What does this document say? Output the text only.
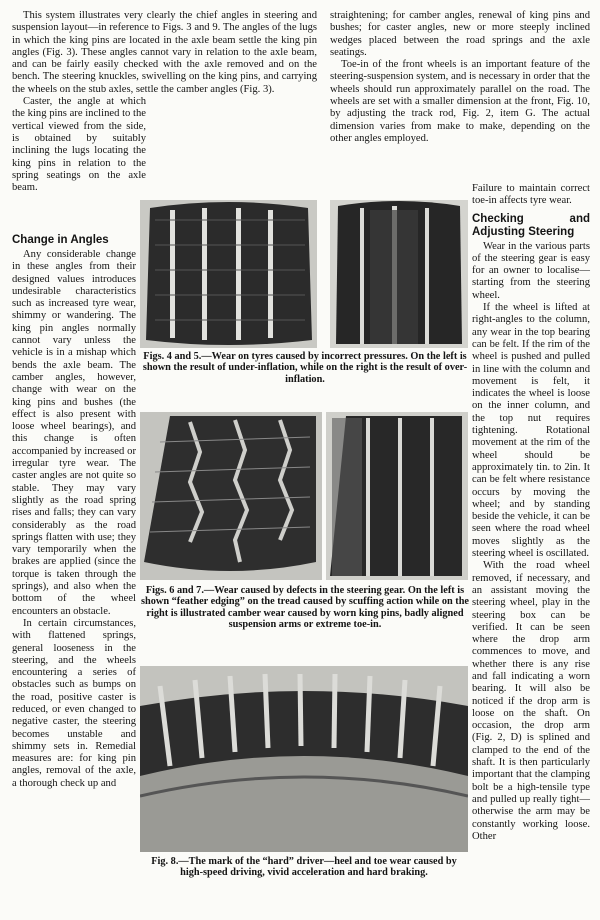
This system illustrates very clearly the chief angles in steering and suspension layout—in reference to Figs. 3 and 9. The angles of the lugs in which the king pins are located in the axle beam settle the king pin angles (Fig. 3). These angles cannot vary in relation to the axle beam, and can be fairly easily checked with the axle removed and on the bench. The steering knuckles, swivelling on the king pins, and carrying the wheels on the stub axles, settle the camber angles (Fig. 3).

Caster, the angle at which the king pins are inclined to the vertical viewed from the side, is obtained by suitably inclining the lugs locating the king pins in relation to the spring seatings on the axle beam.

straightening; for camber angles, renewal of king pins and bushes; for caster angles, new or more steeply inclined wedges placed between the road springs and the axle seatings.

Toe-in of the front wheels is an important feature of the steering-suspension system, and is necessary in order that the wheels should run approximately parallel on the road. The wheels are set with a smaller dimension at the front, Fig. 10, by adjusting the track rod, Fig. 2, item G. The actual dimension varies from make to make, depending on the other angles employed.

Change in Angles

Any considerable change in these angles from their designed values introduces undesirable characteristics such as increased tyre wear, shimmy or wandering. The king pin angles normally cannot vary unless the vehicle is in a mishap which bends the axle beam. The camber angles, however, change with wear on the king pins and bushes (the effect is also present with loose wheel bearings), and this change is often accompanied by increased or irregular tyre wear. The caster angles are not quite so stable. They may vary slightly as the road spring rises and falls; they can vary considerably as the road springs flatten with use; they vary temporarily when the brakes are applied (since the torque is taken through the springs), and also when the bottom of the wheel encounters an obstacle.

In certain circumstances, with flattened springs, general looseness in the steering, and the wheels encountering a series of obstacles such as bumps on the road, positive caster is reduced, or even changed to negative caster, the steering becomes unstable and shimmy sets in. Remedial measures are: for king pin angles, removal of the axle, a thorough check up and

Failure to maintain correct toe-in affects tyre wear.

Checking and Adjusting Steering

Wear in the various parts of the steering gear is easy for an owner to localise—starting from the steering wheel.

If the wheel is lifted at right-angles to the column, any wear in the top bearing can be felt. If the rim of the wheel is pushed and pulled in line with the column and movement is felt, it indicates the wheel is loose on the inner column, and the top nut requires tightening. Rotational movement at the rim of the wheel should be approximately tin. to 2in. It can be felt where resistance occurs by moving the wheel; and by standing beside the vehicle, it can be seen where the road wheel moves slightly as the steering wheel is oscillated.

With the road wheel removed, if necessary, and an assistant moving the steering wheel, play in the steering box can be verified. It can be seen where the drop arm commences to move, and whether there is any rise and fall indicating a worn bearing. It will also be noticed if the drop arm is loose on the shaft. On occasion, the drop arm (Fig. 2, D) is splined and clamped to the end of the shaft. It is then particularly important that the clamping bolt be a high-tensile type and pulled up really tight—otherwise the arm may be constantly working loose. Other

Figs. 4 and 5.—Wear on tyres caused by incorrect pressures. On the left is shown the result of under-inflation, while on the right is the result of over-inflation.
Figs. 6 and 7.—Wear caused by defects in the steering gear. On the left is shown “feather edging” on the tread caused by scuffing action while on the right is illustrated camber wear caused by worn king pins, badly aligned suspension arms or extreme toe-in.
Fig. 8.—The mark of the “hard” driver—heel and toe wear caused by high-speed driving, vivid acceleration and hard braking.
